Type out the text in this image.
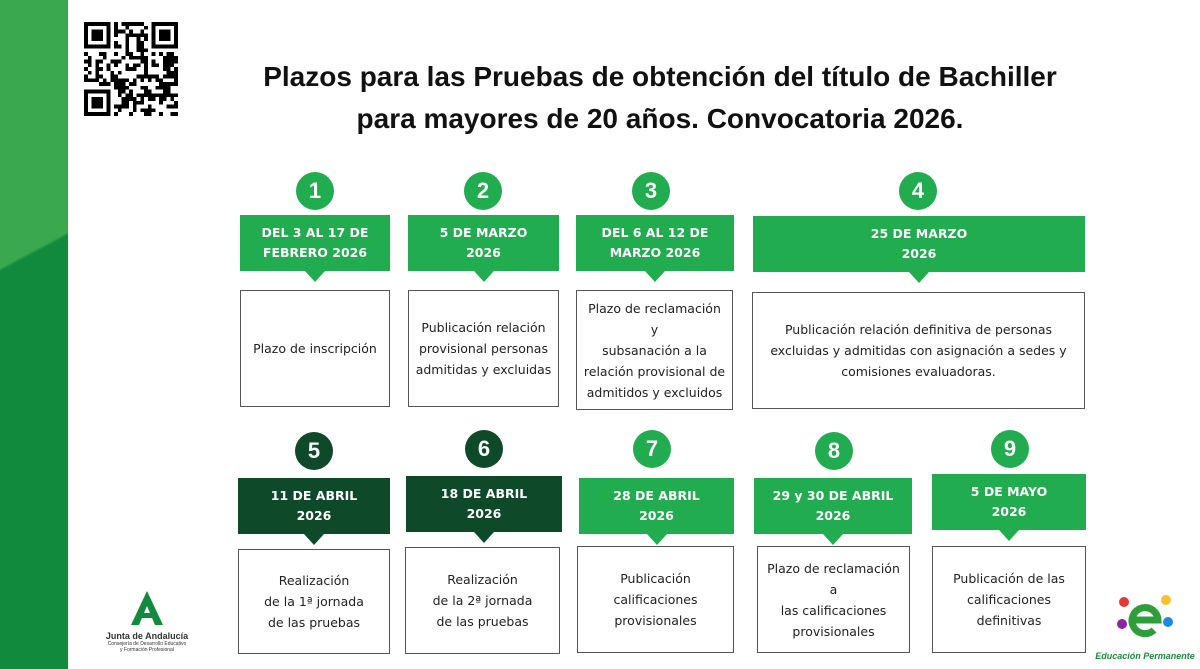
Plazos para las Pruebas de obtención del título de Bachiller
para mayores de 20 años. Convocatoria 2026.
1
DEL 3 AL 17 DE
FEBRERO 2026
Plazo de inscripción
2
5 DE MARZO
2026
Publicación relación
provisional personas
admitidas y excluidas
3
DEL 6 AL 12 DE
MARZO 2026
Plazo de reclamación y
subsanación a la
relación provisional de
admitidos y excluidos
4
25 DE MARZO
2026
Publicación relación definitiva de personas
excluidas y admitidas con asignación a sedes y
comisiones evaluadoras.
5
11 DE ABRIL
2026
Realización
de la 1ª jornada
de las pruebas
6
18 DE ABRIL
2026
Realización
de la 2ª jornada
de las pruebas
7
28 DE ABRIL
2026
Publicación
calificaciones
provisionales
8
29 y 30 DE ABRIL
2026
Plazo de reclamación a
las calificaciones
provisionales
9
5 DE MAYO
2026
Publicación de las
calificaciones
definitivas
Junta de Andalucía
Consejería de Desarrollo Educativo
y Formación Profesional
Educación Permanente
